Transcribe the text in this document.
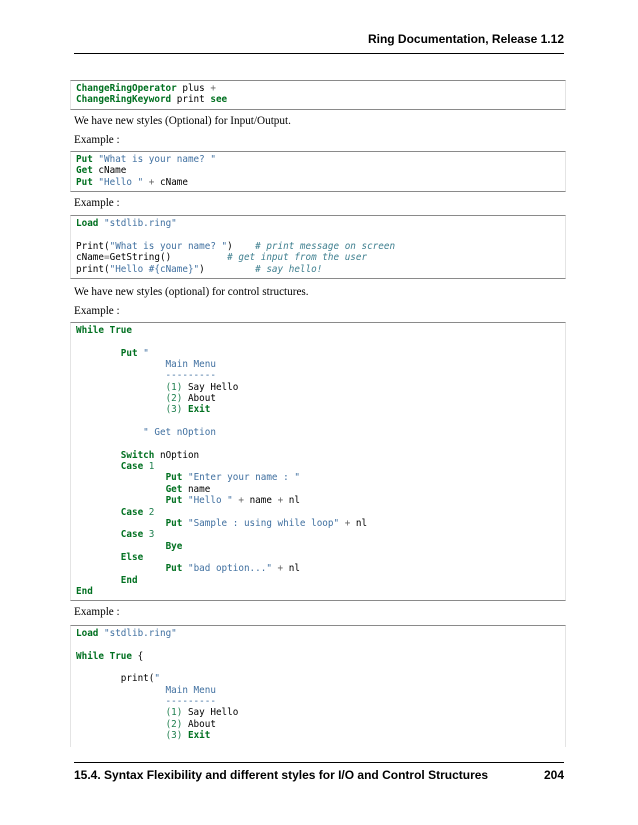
Ring Documentation, Release 1.12
ChangeRingOperator plus +
ChangeRingKeyword print see
We have new styles (Optional) for Input/Output.
Example :
Put "What is your name? "
Get cName
Put "Hello " + cName
Example :
Load "stdlib.ring"

Print("What is your name? ")    # print message on screen
cName=GetString()          # get input from the user
print("Hello #{cName}")         # say hello!
We have new styles (optional) for control structures.
Example :
While True

Put "
Main Menu
---------
(1) Say Hello
(2) About
(3) Exit

" Get nOption

Switch nOption
Case 1
Put "Enter your name : "
Get name
Put "Hello " + name + nl
Case 2
Put "Sample : using while loop" + nl
Case 3
Bye
Else
Put "bad option..." + nl
End
End
Example :
Load "stdlib.ring"

While True {

print("
Main Menu
---------
(1) Say Hello
(2) About
(3) Exit
15.4. Syntax Flexibility and different styles for I/O and Control Structures	204
